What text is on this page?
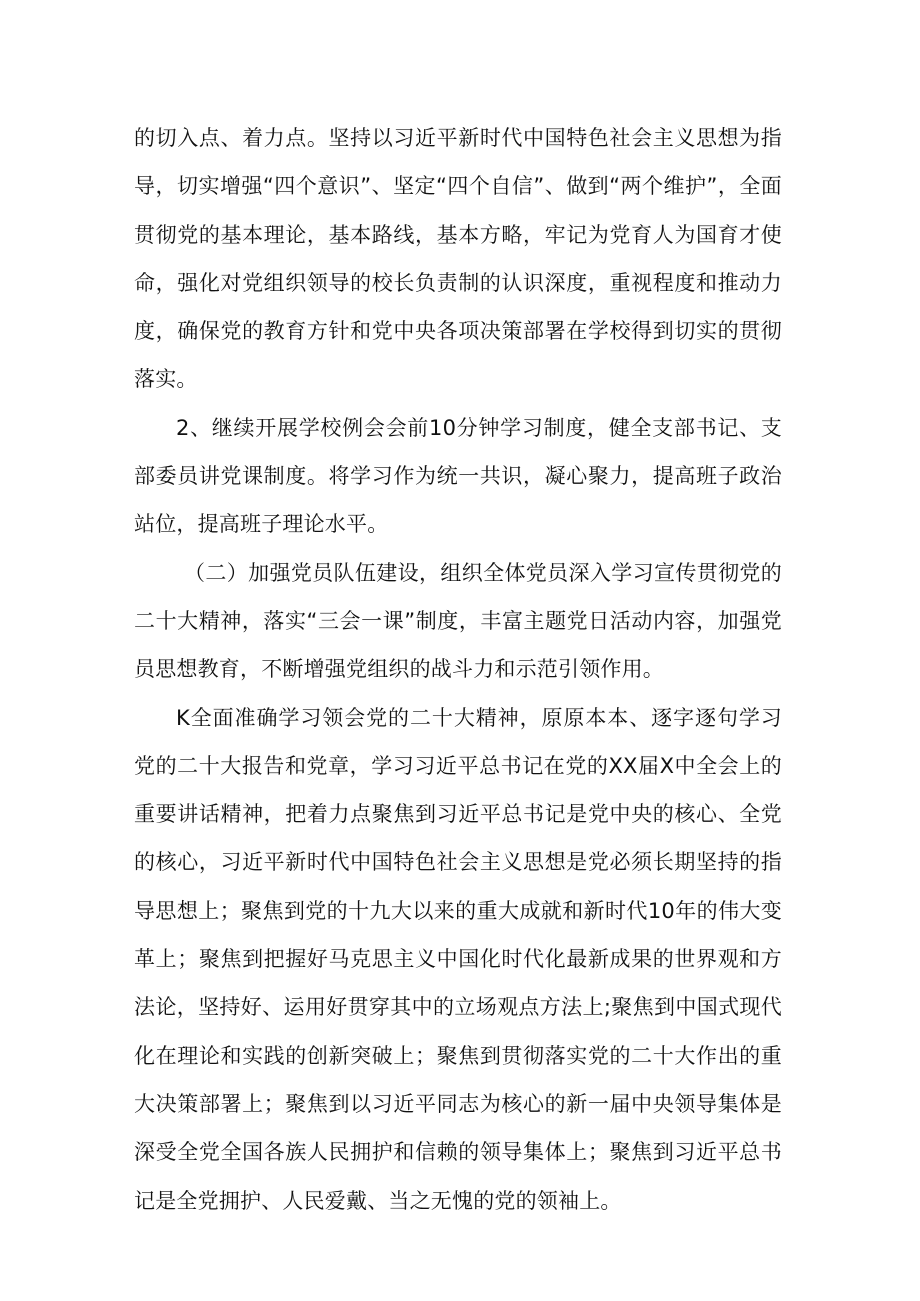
的切入点、着力点。坚持以习近平新时代中国特色社会主义思想为指导，切实增强“四个意识”、坚定“四个自信”、做到“两个维护”，全面贯彻党的基本理论，基本路线，基本方略，牢记为党育人为国育才使命，强化对党组织领导的校长负责制的认识深度，重视程度和推动力度，确保党的教育方针和党中央各项决策部署在学校得到切实的贯彻落实。

2、继续开展学校例会会前10分钟学习制度，健全支部书记、支部委员讲党课制度。将学习作为统一共识，凝心聚力，提高班子政治站位，提高班子理论水平。

（二）加强党员队伍建设，组织全体党员深入学习宣传贯彻党的二十大精神，落实“三会一课”制度，丰富主题党日活动内容，加强党员思想教育，不断增强党组织的战斗力和示范引领作用。

K全面准确学习领会党的二十大精神，原原本本、逐字逐句学习党的二十大报告和党章，学习习近平总书记在党的XX届X中全会上的重要讲话精神，把着力点聚焦到习近平总书记是党中央的核心、全党的核心，习近平新时代中国特色社会主义思想是党必须长期坚持的指导思想上；聚焦到党的十九大以来的重大成就和新时代10年的伟大变革上；聚焦到把握好马克思主义中国化时代化最新成果的世界观和方法论，坚持好、运用好贯穿其中的立场观点方法上;聚焦到中国式现代化在理论和实践的创新突破上；聚焦到贯彻落实党的二十大作出的重大决策部署上；聚焦到以习近平同志为核心的新一届中央领导集体是深受全党全国各族人民拥护和信赖的领导集体上；聚焦到习近平总书记是全党拥护、人民爱戴、当之无愧的党的领袖上。
